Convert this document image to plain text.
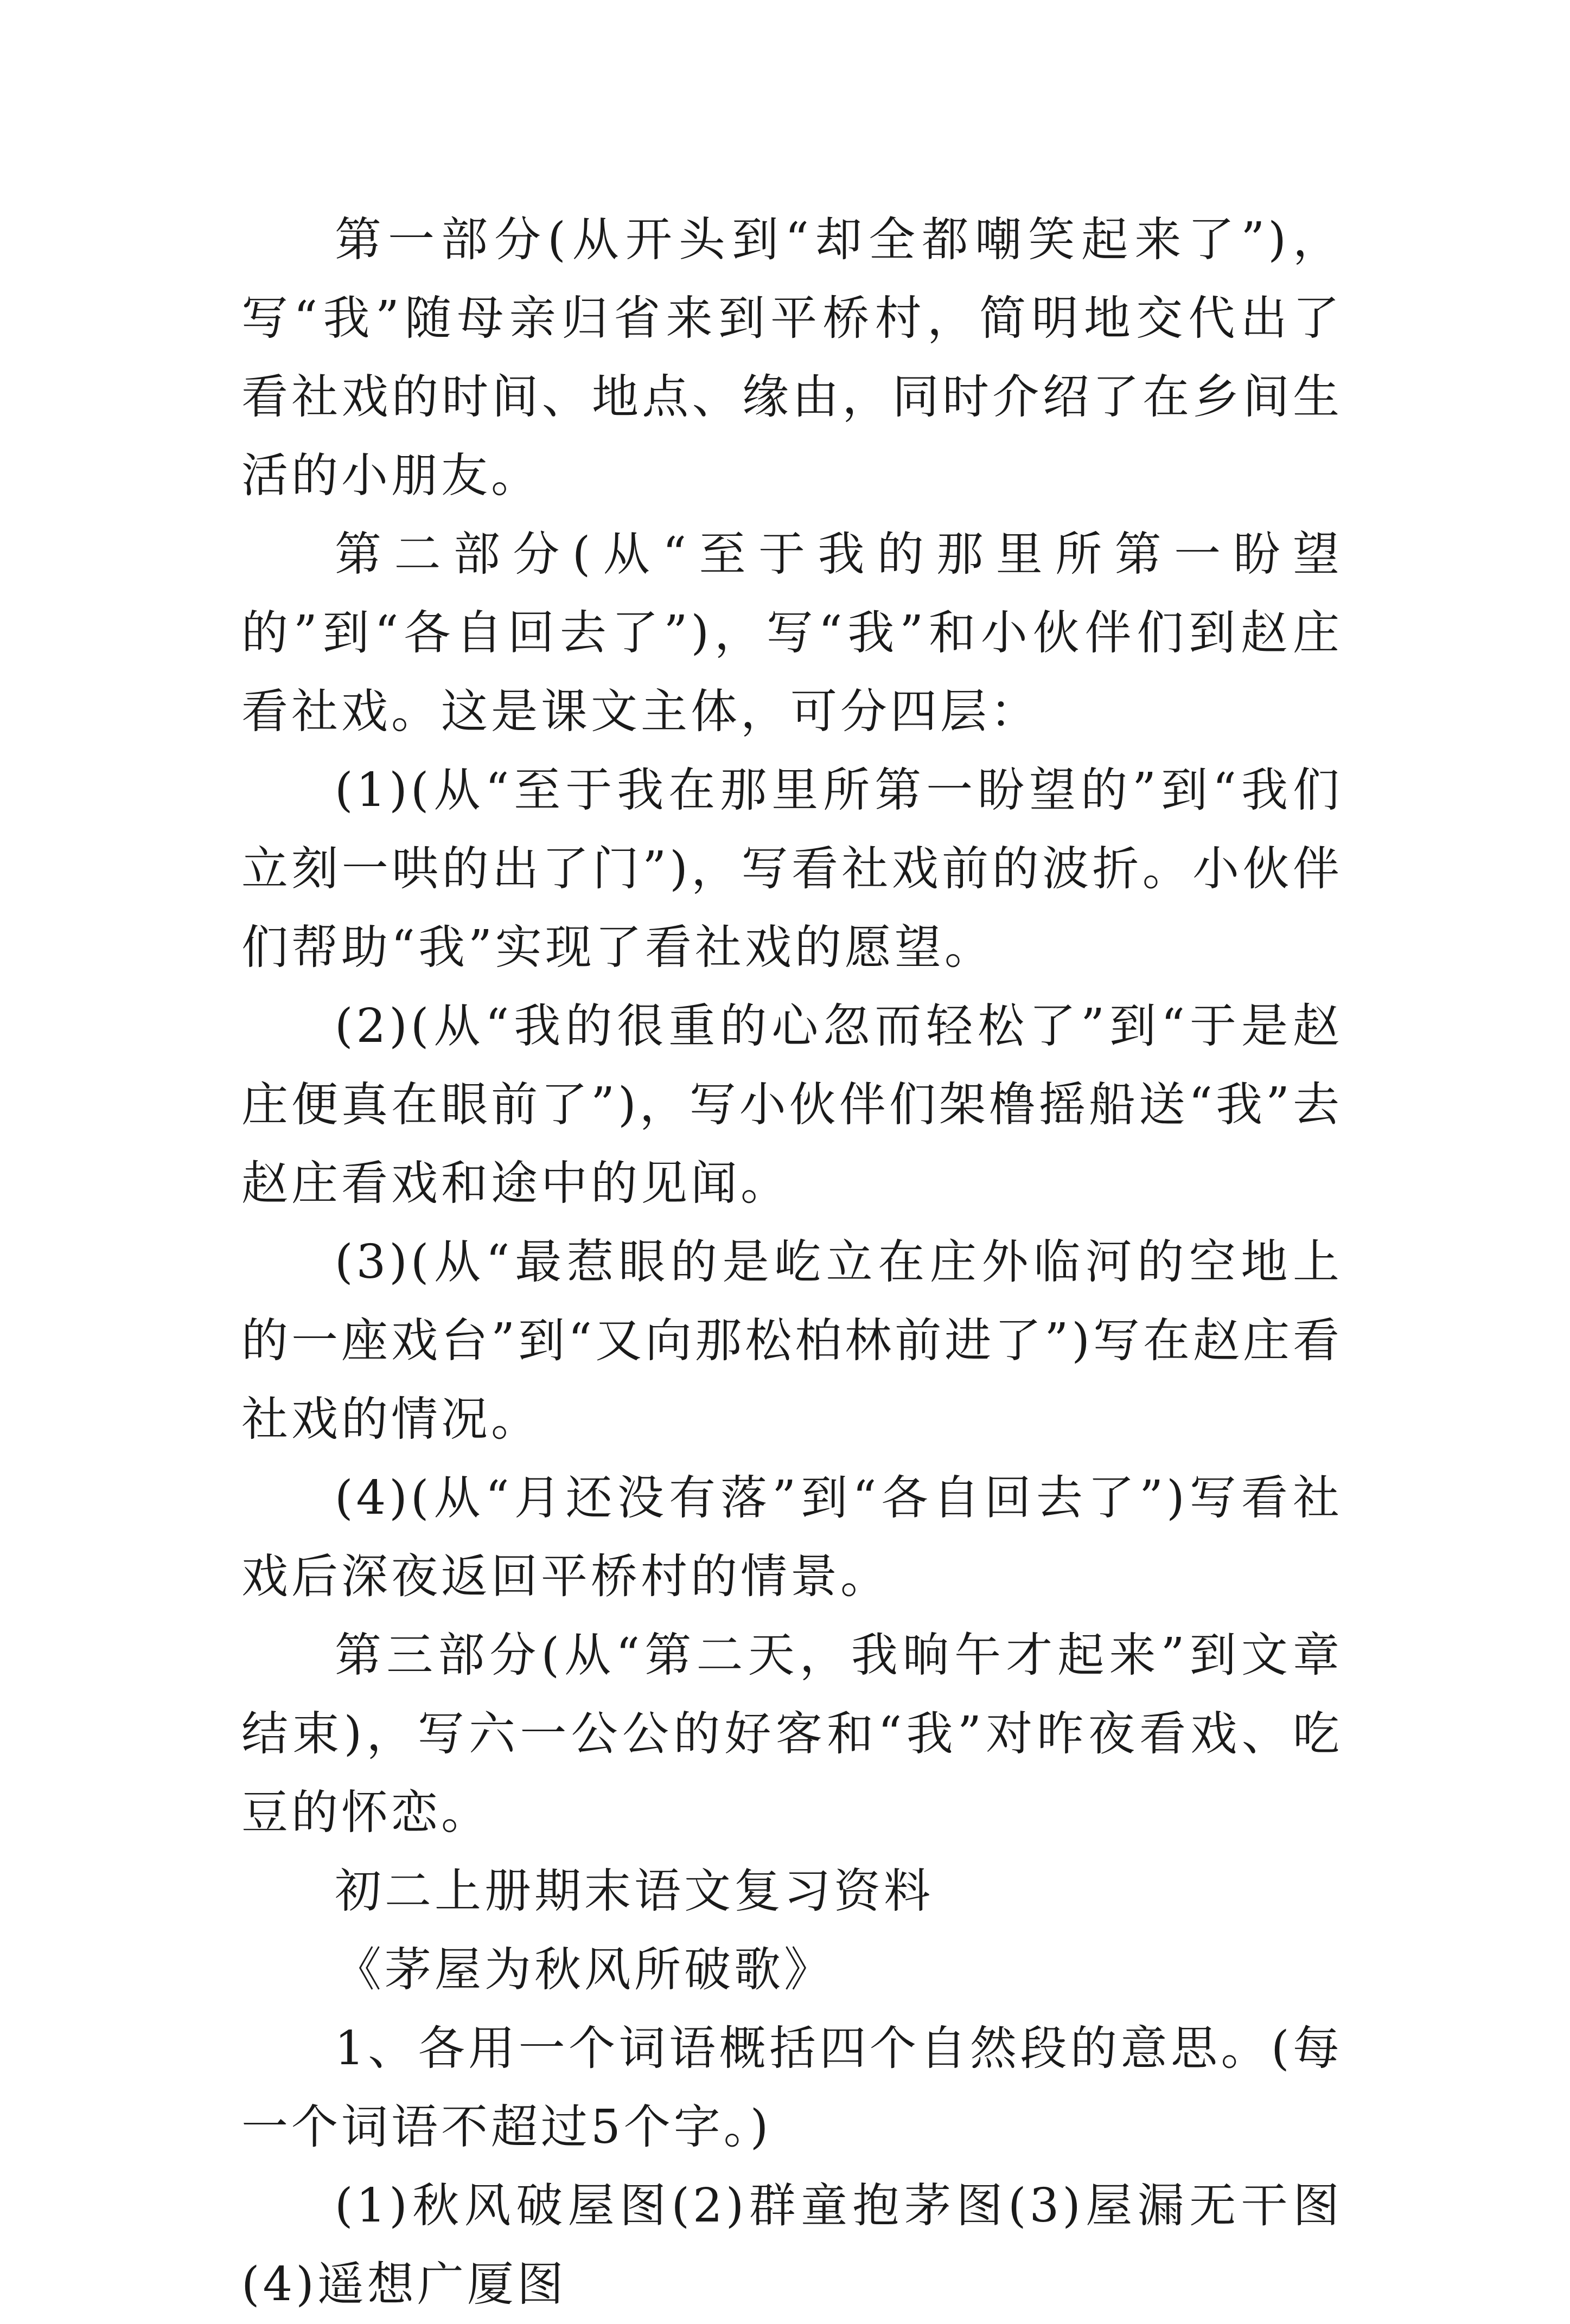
第一部分(从开头到“却全都嘲笑起来了”)，写“我”随母亲归省来到平桥村，简明地交代出了看社戏的时间、地点、缘由，同时介绍了在乡间生活的小朋友。

第二部分(从“至于我的那里所第一盼望的”到“各自回去了”)，写“我”和小伙伴们到赵庄看社戏。这是课文主体，可分四层：

(1)(从“至于我在那里所第一盼望的”到“我们立刻一哄的出了门”)，写看社戏前的波折。小伙伴们帮助“我”实现了看社戏的愿望。

(2)(从“我的很重的心忽而轻松了”到“于是赵庄便真在眼前了”)，写小伙伴们架橹摇船送“我”去赵庄看戏和途中的见闻。

(3)(从“最惹眼的是屹立在庄外临河的空地上的一座戏台”到“又向那松柏林前进了”)写在赵庄看社戏的情况。

(4)(从“月还没有落”到“各自回去了”)写看社戏后深夜返回平桥村的情景。

第三部分(从“第二天，我晌午才起来”到文章结束)，写六一公公的好客和“我”对昨夜看戏、吃豆的怀恋。

初二上册期末语文复习资料

《茅屋为秋风所破歌》

1、各用一个词语概括四个自然段的意思。(每一个词语不超过5个字。)

(1)秋风破屋图(2)群童抱茅图(3)屋漏无干图(4)遥想广厦图
